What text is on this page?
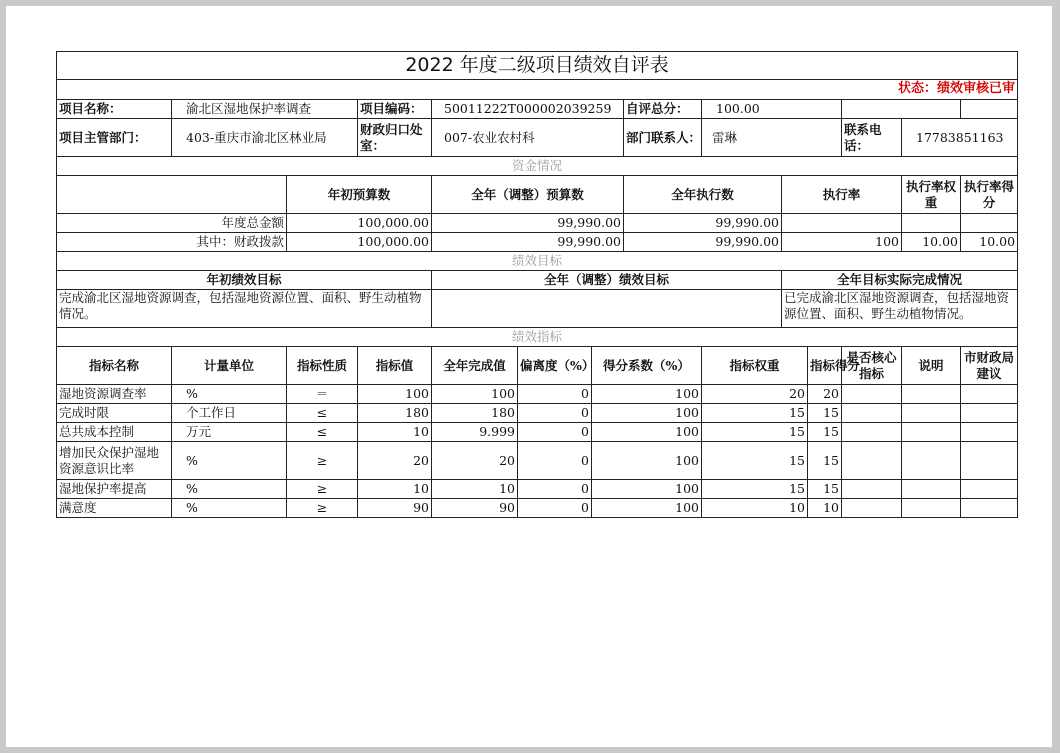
2022 年度二级项目绩效自评表													
状态：绩效审核已审													
项目名称：	渝北区湿地保护率调查		项目编码：	50011222T000002039259			自评总分：	100.00					
项目主管部门：	403-重庆市渝北区林业局		财政归口处室：	007-农业农村科			部门联系人：	雷琳			联系电话：	17783851163	
资金情况													
		年初预算数		全年（调整）预算数			全年执行数		执行率			执行率权重	执行率得分
年度总金额		100,000.00		99,990.00			99,990.00						
其中：财政拨款		100,000.00		99,990.00			99,990.00		100			10.00	10.00
绩效目标													
年初绩效目标				全年（调整）绩效目标					全年目标实际完成情况				
完成渝北区湿地资源调查，包括湿地资源位置、面积、野生动植物情况。									已完成渝北区湿地资源调查，包括湿地资源位置、面积、野生动植物情况。				
绩效指标													
指标名称	计量单位	指标性质	指标值	全年完成值	偏离度（%）	得分系数（%）		指标权重		指标得分	是否核心指标	说明	市财政局建议
湿地资源调查率	%	＝	100	100	0	100		20		20			
完成时限	个工作日	≤	180	180	0	100		15		15			
总共成本控制	万元	≤	10	9.999	0	100		15		15			
增加民众保护湿地资源意识比率	%	≥	20	20	0	100		15		15			
湿地保护率提高	%	≥	10	10	0	100		15		15			
满意度	%	≥	90	90	0	100		10		10			
